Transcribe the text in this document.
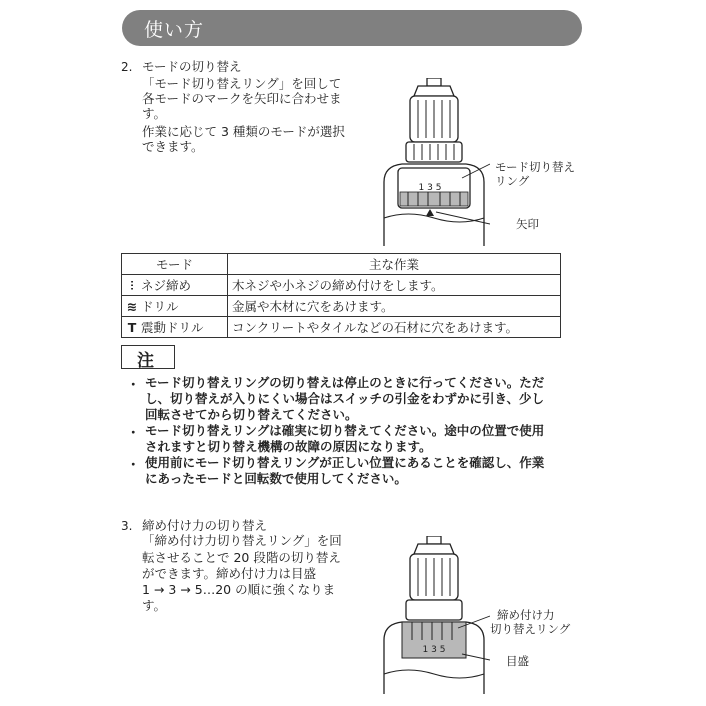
使い方
2. モードの切り替え
「モード切り替えリング」を回して
各モードのマークを矢印に合わせま
す。
作業に応じて 3 種類のモードが選択
できます。
1 3 5
モード切り替え
リング
矢印
モード	主な作業
⫶ ネジ締め	木ネジや小ネジの締め付けをします。
≋ ドリル	金属や木材に穴をあけます。
T 震動ドリル	コンクリートやタイルなどの石材に穴をあけます。
注
・ モード切り替えリングの切り替えは停止のときに行ってください。ただ
し、切り替えが入りにくい場合はスイッチの引金をわずかに引き、少し
回転させてから切り替えてください。
・ モード切り替えリングは確実に切り替えてください。途中の位置で使用
されますと切り替え機構の故障の原因になります。
・ 使用前にモード切り替えリングが正しい位置にあることを確認し、作業
にあったモードと回転数で使用してください。
3. 締め付け力の切り替え
「締め付け力切り替えリング」を回
転させることで 20 段階の切り替え
ができます。締め付け力は目盛
1 → 3 → 5…20 の順に強くなりま
す。
1 3 5
締め付け力
切り替えリング
目盛
